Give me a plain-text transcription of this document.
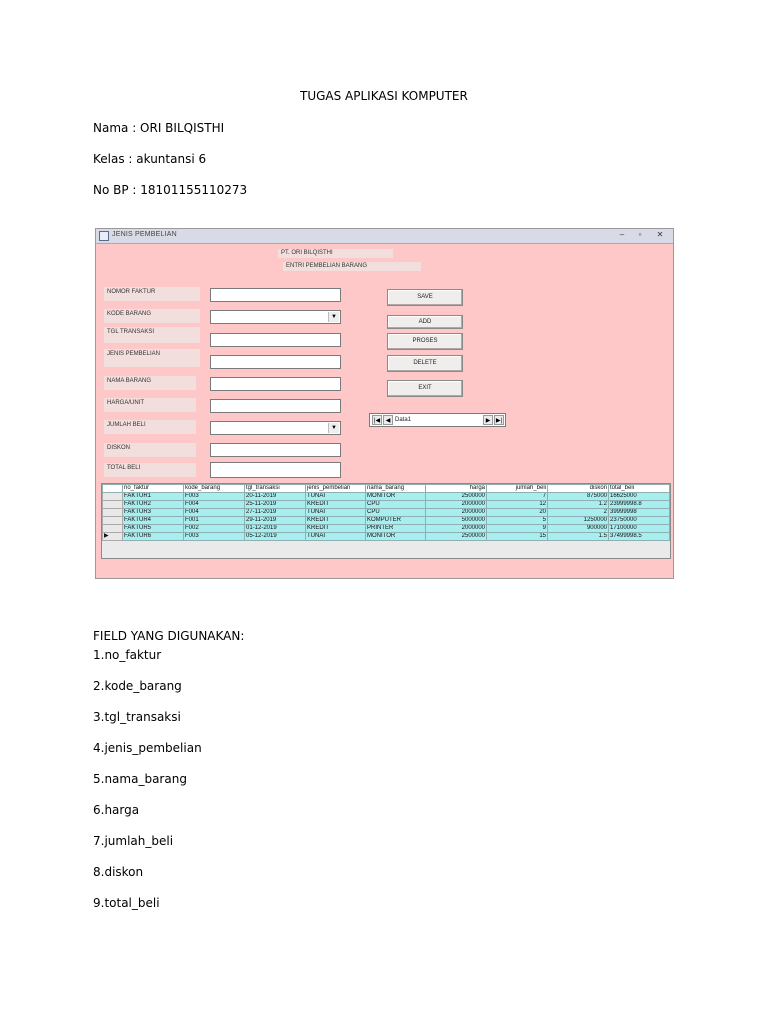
TUGAS APLIKASI KOMPUTER
Nama : ORI BILQISTHI
Kelas : akuntansi 6
No BP : 18101155110273
JENIS PEMBELIAN	–	▫	✕
PT. ORI BILQISTHI
ENTRI PEMBELIAN BARANG
NOMOR FAKTUR
KODE BARANG
TGL TRANSAKSI
JENIS PEMBELIAN
NAMA BARANG
HARGA/UNIT
JUMLAH BELI
DISKON
TOTAL BELI
▼
▼
SAVE
ADD
PROSES
DELETE
EXIT
|◀ ◀ Data1	▶ ▶|
	no_faktur	kode_barang	tgl_transaksi	jenis_pembelian	nama_barang	harga	jumlah_beli	diskon	total_beli
	FAKTUR1	F003	20-11-2019	TUNAI	MONITOR	2500000	7	875000	16625000
	FAKTUR2	F004	25-11-2019	KREDIT	CPU	2000000	12	1.2	23999998.8
	FAKTUR3	F004	27-11-2019	TUNAI	CPU	2000000	20	2	39999998
	FAKTUR4	F001	29-11-2019	KREDIT	KOMPUTER	5000000	5	1250000	23750000
	FAKTUR5	F002	01-12-2019	KREDIT	PRINTER	2000000	9	900000	17100000
▶	FAKTUR6	F003	05-12-2019	TUNAI	MONITOR	2500000	15	1.5	37499998.5
FIELD YANG DIGUNAKAN:
1.no_faktur
2.kode_barang
3.tgl_transaksi
4.jenis_pembelian
5.nama_barang
6.harga
7.jumlah_beli
8.diskon
9.total_beli
